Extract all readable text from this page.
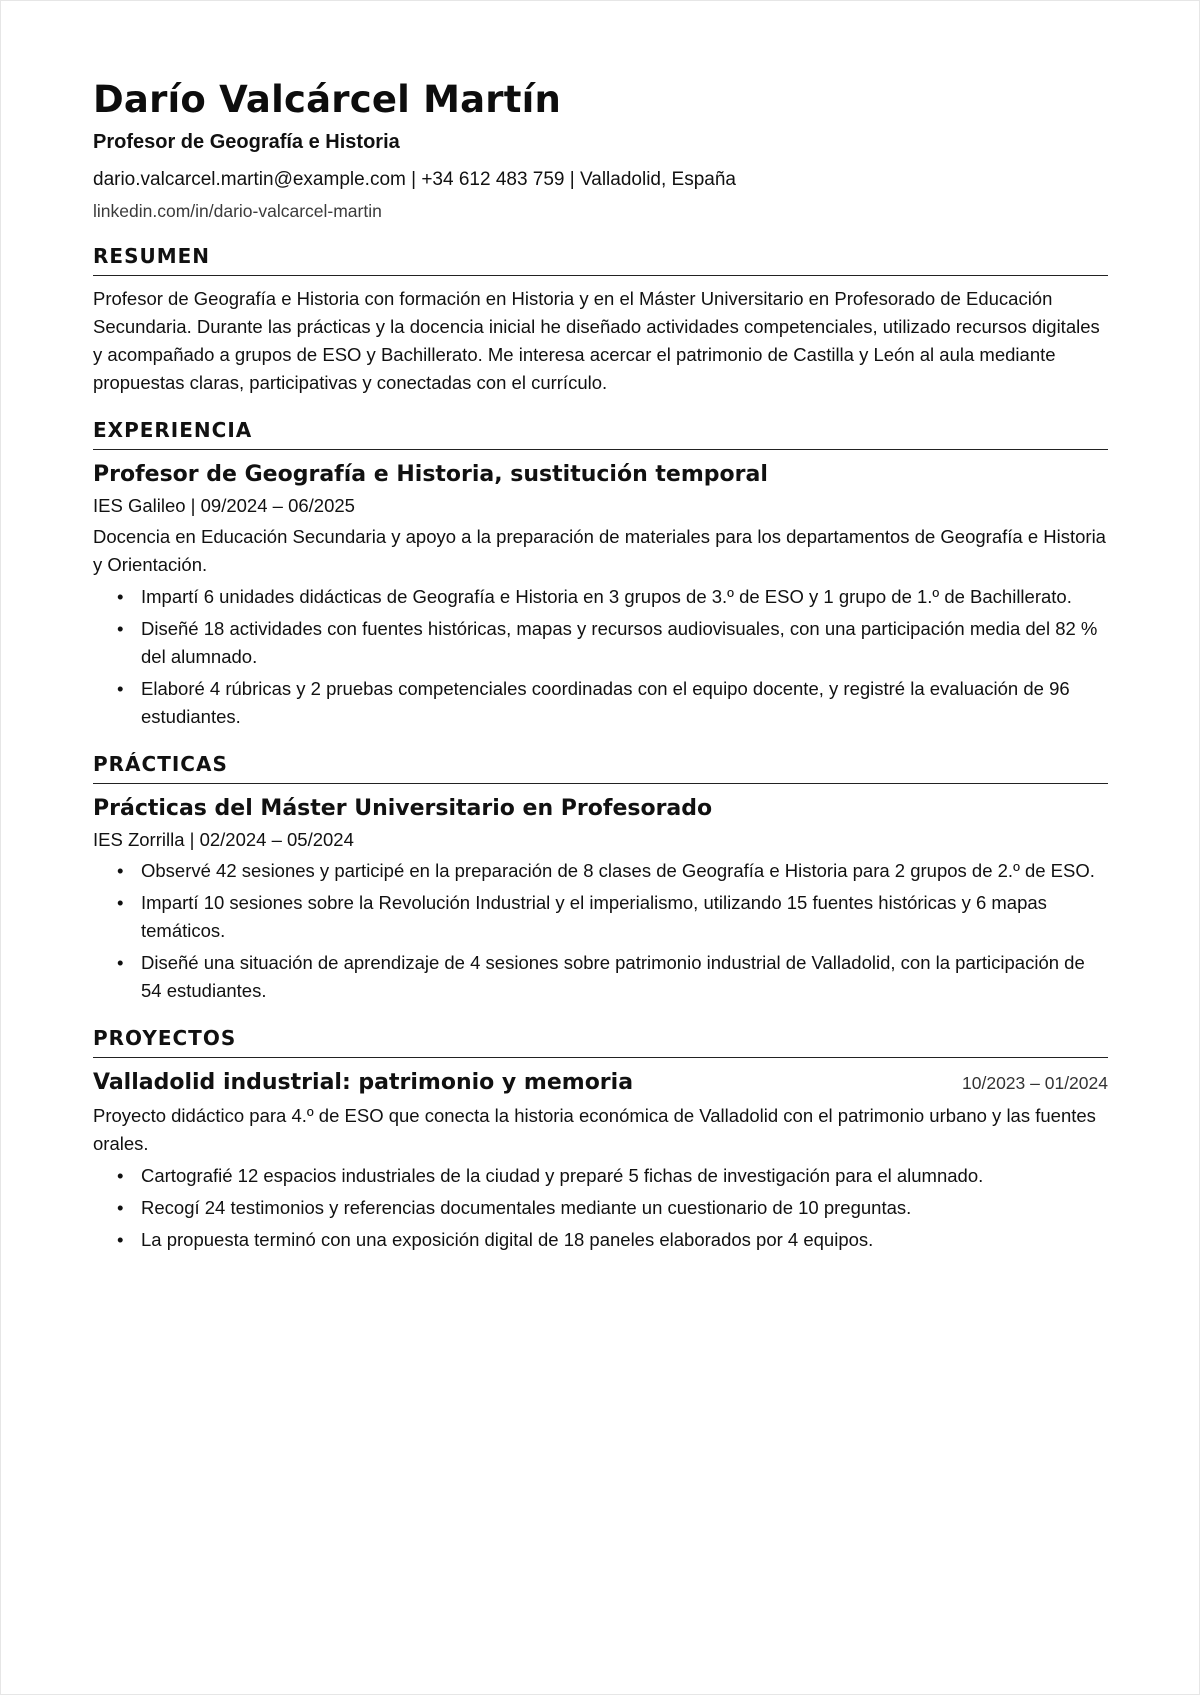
Darío Valcárcel Martín
Profesor de Geografía e Historia
dario.valcarcel.martin@example.com | +34 612 483 759 | Valladolid, España
linkedin.com/in/dario-valcarcel-martin
RESUMEN
Profesor de Geografía e Historia con formación en Historia y en el Máster Universitario en Profesorado de Educación Secundaria. Durante las prácticas y la docencia inicial he diseñado actividades competenciales, utilizado recursos digitales y acompañado a grupos de ESO y Bachillerato. Me interesa acercar el patrimonio de Castilla y León al aula mediante propuestas claras, participativas y conectadas con el currículo.
EXPERIENCIA
Profesor de Geografía e Historia, sustitución temporal
IES Galileo | 09/2024 – 06/2025
Docencia en Educación Secundaria y apoyo a la preparación de materiales para los departamentos de Geografía e Historia y Orientación.
• Impartí 6 unidades didácticas de Geografía e Historia en 3 grupos de 3.º de ESO y 1 grupo de 1.º de Bachillerato.
• Diseñé 18 actividades con fuentes históricas, mapas y recursos audiovisuales, con una participación media del 82 % del alumnado.
• Elaboré 4 rúbricas y 2 pruebas competenciales coordinadas con el equipo docente, y registré la evaluación de 96 estudiantes.
PRÁCTICAS
Prácticas del Máster Universitario en Profesorado
IES Zorrilla | 02/2024 – 05/2024
• Observé 42 sesiones y participé en la preparación de 8 clases de Geografía e Historia para 2 grupos de 2.º de ESO.
• Impartí 10 sesiones sobre la Revolución Industrial y el imperialismo, utilizando 15 fuentes históricas y 6 mapas temáticos.
• Diseñé una situación de aprendizaje de 4 sesiones sobre patrimonio industrial de Valladolid, con la participación de 54 estudiantes.
PROYECTOS
Valladolid industrial: patrimonio y memoria	10/2023 – 01/2024
Proyecto didáctico para 4.º de ESO que conecta la historia económica de Valladolid con el patrimonio urbano y las fuentes orales.
• Cartografié 12 espacios industriales de la ciudad y preparé 5 fichas de investigación para el alumnado.
• Recogí 24 testimonios y referencias documentales mediante un cuestionario de 10 preguntas.
• La propuesta terminó con una exposición digital de 18 paneles elaborados por 4 equipos.
